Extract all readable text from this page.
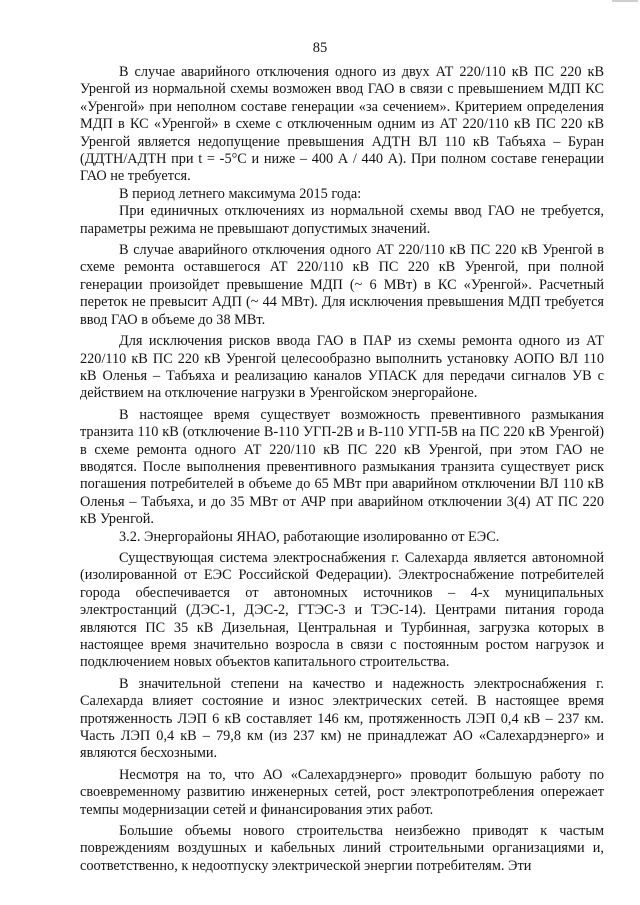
85

В случае аварийного отключения одного из двух АТ 220/110 кВ ПС 220 кВ Уренгой из нормальной схемы возможен ввод ГАО в связи с превышением МДП КС «Уренгой» при неполном составе генерации «за сечением». Критерием определения МДП в КС «Уренгой» в схеме с отключенным одним из АТ 220/110 кВ ПС 220 кВ Уренгой является недопущение превышения АДТН ВЛ 110 кВ Табъяха – Буран (ДДТН/АДТН при t = -5°С и ниже – 400 А / 440 А). При полном составе генерации ГАО не требуется.

В период летнего максимума 2015 года:

При единичных отключениях из нормальной схемы ввод ГАО не требуется, параметры режима не превышают допустимых значений.

В случае аварийного отключения одного АТ 220/110 кВ ПС 220 кВ Уренгой в схеме ремонта оставшегося АТ 220/110 кВ ПС 220 кВ Уренгой, при полной генерации произойдет превышение МДП (~ 6 МВт) в КС «Уренгой». Расчетный переток не превысит АДП (~ 44 МВт). Для исключения превышения МДП требуется ввод ГАО в объеме до 38 МВт.

Для исключения рисков ввода ГАО в ПАР из схемы ремонта одного из АТ 220/110 кВ ПС 220 кВ Уренгой целесообразно выполнить установку АОПО ВЛ 110 кВ Оленья – Табъяха и реализацию каналов УПАСК для передачи сигналов УВ с действием на отключение нагрузки в Уренгойском энергорайоне.

В настоящее время существует возможность превентивного размыкания транзита 110 кВ (отключение В-110 УГП-2В и В-110 УГП-5В на ПС 220 кВ Уренгой) в схеме ремонта одного АТ 220/110 кВ ПС 220 кВ Уренгой, при этом ГАО не вводятся. После выполнения превентивного размыкания транзита существует риск погашения потребителей в объеме до 65 МВт при аварийном отключении ВЛ 110 кВ Оленья – Табъяха, и до 35 МВт от АЧР при аварийном отключении 3(4) АТ ПС 220 кВ Уренгой.

3.2. Энергорайоны ЯНАО, работающие изолированно от ЕЭС.

Существующая система электроснабжения г. Салехарда является автономной (изолированной от ЕЭС Российской Федерации). Электроснабжение потребителей города обеспечивается от автономных источников – 4-х муниципальных электростанций (ДЭС-1, ДЭС-2, ГТЭС-3 и ТЭС-14). Центрами питания города являются ПС 35 кВ Дизельная, Центральная и Турбинная, загрузка которых в настоящее время значительно возросла в связи с постоянным ростом нагрузок и подключением новых объектов капитального строительства.

В значительной степени на качество и надежность электроснабжения г. Салехарда влияет состояние и износ электрических сетей. В настоящее время протяженность ЛЭП 6 кВ составляет 146 км, протяженность ЛЭП 0,4 кВ – 237 км. Часть ЛЭП 0,4 кВ – 79,8 км (из 237 км) не принадлежат АО «Салехардэнерго» и являются бесхозными.

Несмотря на то, что АО «Салехардэнерго» проводит большую работу по своевременному развитию инженерных сетей, рост электропотребления опережает темпы модернизации сетей и финансирования этих работ.

Большие объемы нового строительства неизбежно приводят к частым повреждениям воздушных и кабельных линий строительными организациями и, соответственно, к недоотпуску электрической энергии потребителям. Эти
